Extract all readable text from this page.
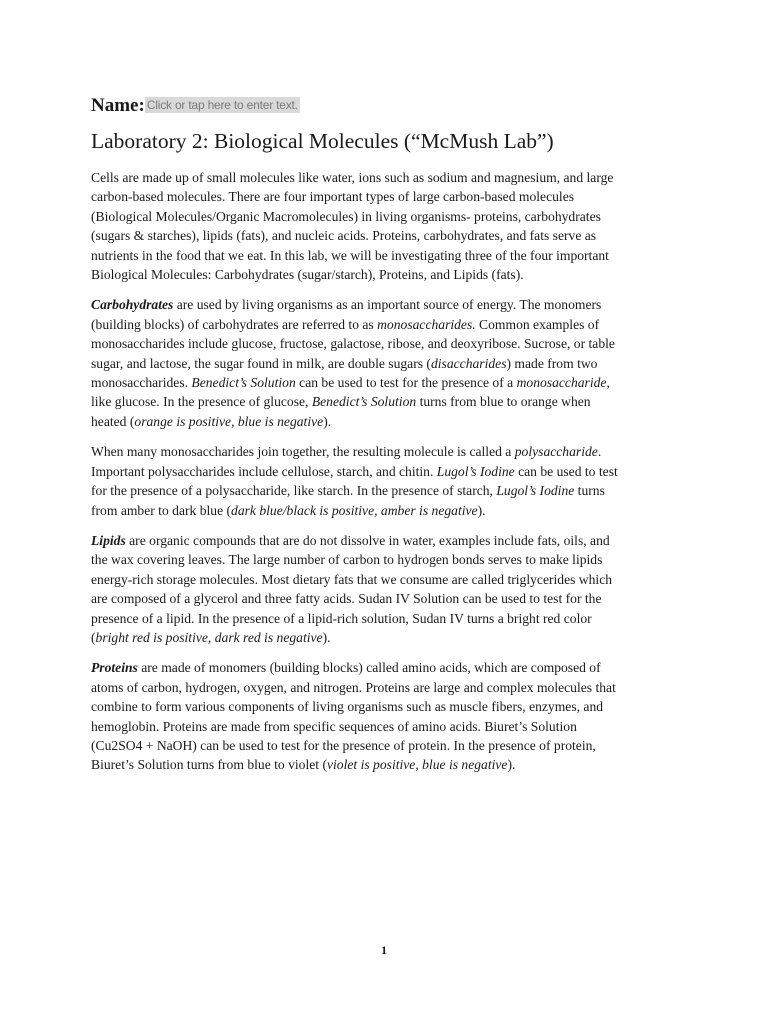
Name: Click or tap here to enter text.
Laboratory 2: Biological Molecules (“McMush Lab”)
Cells are made up of small molecules like water, ions such as sodium and magnesium, and large
carbon-based molecules. There are four important types of large carbon-based molecules
(Biological Molecules/Organic Macromolecules) in living organisms- proteins, carbohydrates
(sugars & starches), lipids (fats), and nucleic acids. Proteins, carbohydrates, and fats serve as
nutrients in the food that we eat. In this lab, we will be investigating three of the four important
Biological Molecules: Carbohydrates (sugar/starch), Proteins, and Lipids (fats).
Carbohydrates are used by living organisms as an important source of energy. The monomers
(building blocks) of carbohydrates are referred to as monosaccharides. Common examples of
monosaccharides include glucose, fructose, galactose, ribose, and deoxyribose. Sucrose, or table
sugar, and lactose, the sugar found in milk, are double sugars (disaccharides) made from two
monosaccharides. Benedict’s Solution can be used to test for the presence of a monosaccharide,
like glucose. In the presence of glucose, Benedict’s Solution turns from blue to orange when
heated (orange is positive, blue is negative).
When many monosaccharides join together, the resulting molecule is called a polysaccharide.
Important polysaccharides include cellulose, starch, and chitin. Lugol’s Iodine can be used to test
for the presence of a polysaccharide, like starch. In the presence of starch, Lugol’s Iodine turns
from amber to dark blue (dark blue/black is positive, amber is negative).
Lipids are organic compounds that are do not dissolve in water, examples include fats, oils, and
the wax covering leaves. The large number of carbon to hydrogen bonds serves to make lipids
energy-rich storage molecules. Most dietary fats that we consume are called triglycerides which
are composed of a glycerol and three fatty acids. Sudan IV Solution can be used to test for the
presence of a lipid. In the presence of a lipid-rich solution, Sudan IV turns a bright red color
(bright red is positive, dark red is negative).
Proteins are made of monomers (building blocks) called amino acids, which are composed of
atoms of carbon, hydrogen, oxygen, and nitrogen. Proteins are large and complex molecules that
combine to form various components of living organisms such as muscle fibers, enzymes, and
hemoglobin. Proteins are made from specific sequences of amino acids. Biuret’s Solution
(Cu2SO4 + NaOH) can be used to test for the presence of protein. In the presence of protein,
Biuret’s Solution turns from blue to violet (violet is positive, blue is negative).
1
